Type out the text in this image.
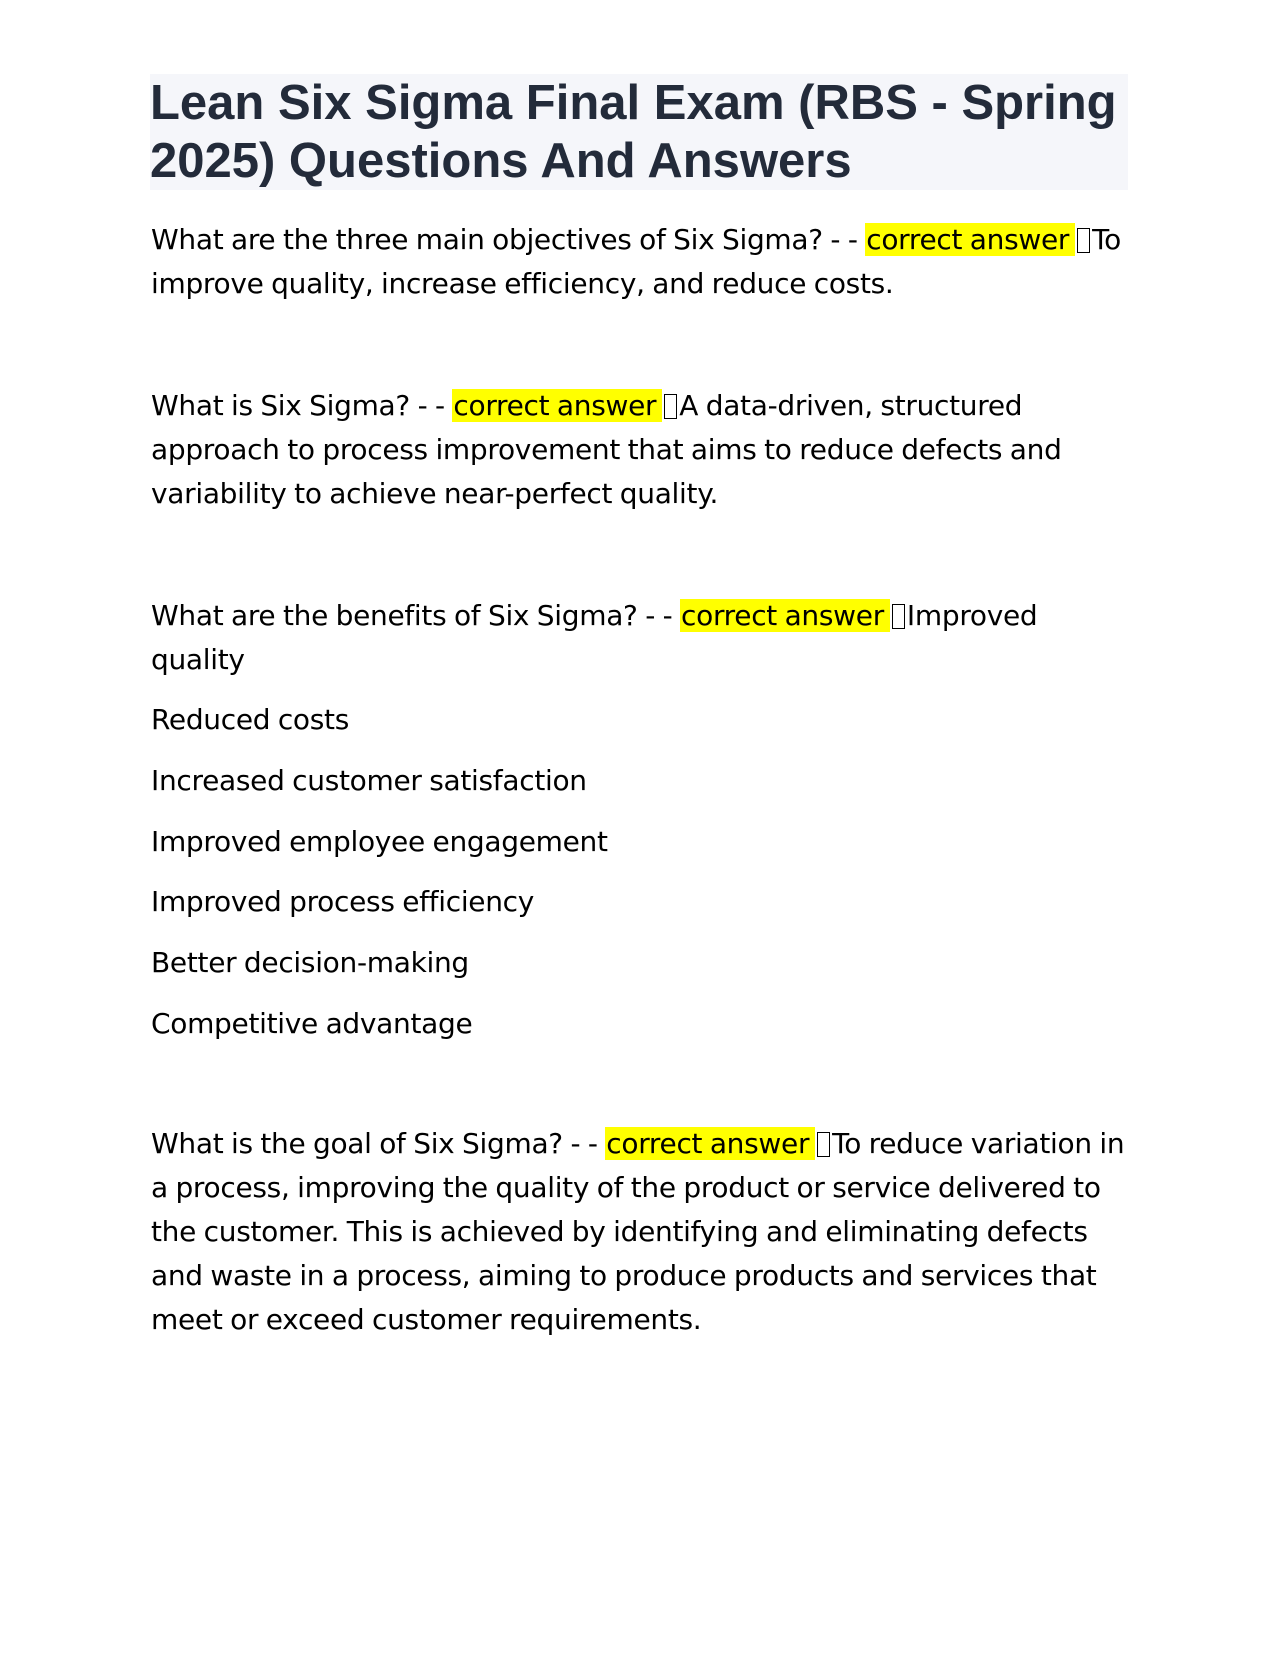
Lean Six Sigma Final Exam (RBS - Spring 2025) Questions And Answers

What are the three main objectives of Six Sigma? - - correct answer To improve quality, increase efficiency, and reduce costs.

What is Six Sigma? - - correct answer A data-driven, structured approach to process improvement that aims to reduce defects and variability to achieve near-perfect quality.

What are the benefits of Six Sigma? - - correct answer Improved quality

Reduced costs

Increased customer satisfaction

Improved employee engagement

Improved process efficiency

Better decision-making

Competitive advantage

What is the goal of Six Sigma? - - correct answer To reduce variation in a process, improving the quality of the product or service delivered to the customer. This is achieved by identifying and eliminating defects and waste in a process, aiming to produce products and services that meet or exceed customer requirements.
